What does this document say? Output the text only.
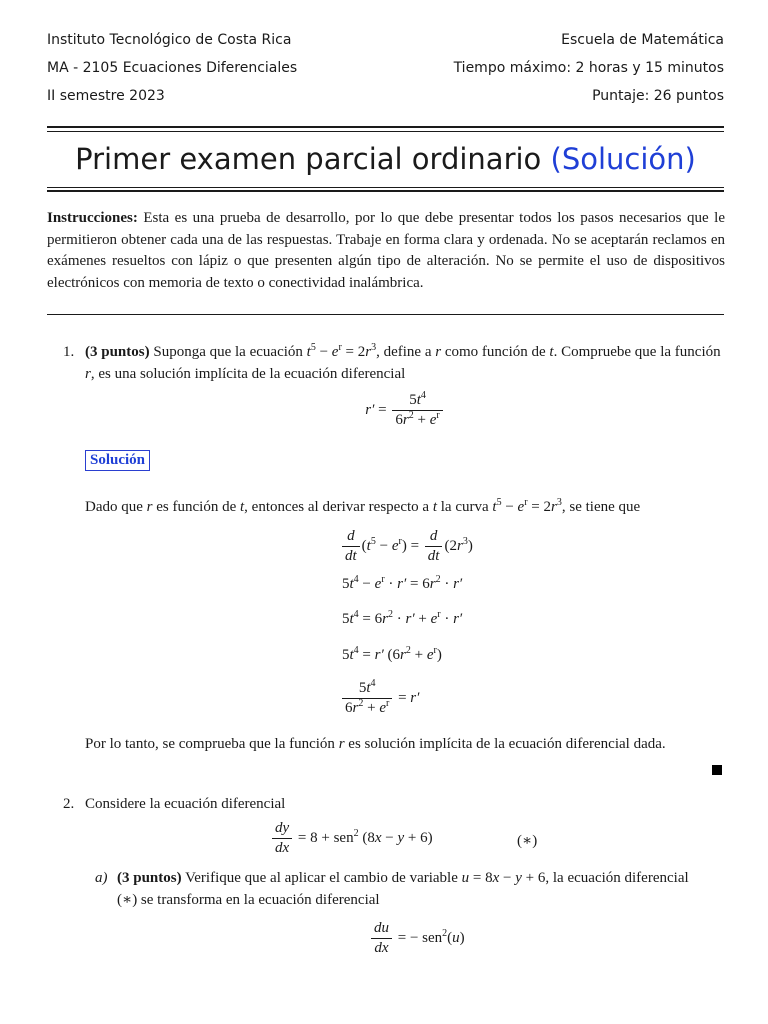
Instituto Tecnológico de Costa Rica
MA - 2105 Ecuaciones Diferenciales
II semestre 2023
Escuela de Matemática
Tiempo máximo: 2 horas y 15 minutos
Puntaje: 26 puntos
Primer examen parcial ordinario (Solución)
Instrucciones: Esta es una prueba de desarrollo, por lo que debe presentar todos los pasos necesarios que le permitieron obtener cada una de las respuestas. Trabaje en forma clara y ordenada. No se aceptarán reclamos en exámenes resueltos con lápiz o que presenten algún tipo de alteración. No se permite el uso de dispositivos electrónicos con memoria de texto o conectividad inalámbrica.
1. (3 puntos) Suponga que la ecuación $t^5 - e^r = 2r^3$, define a r como función de t. Compruebe que la función r, es una solución implícita de la ecuación diferencial
$r' = \frac{5t^4}{6r^2 + e^r}$
Solución
Dado que r es función de t, entonces al derivar respecto a t la curva $t^5 - e^r = 2r^3$, se tiene que
$\frac{d}{dt} (t^5 - e^r) = \frac{d}{dt} (2r^3)$
$5t^4 - e^r \cdot r' = 6r^2 \cdot r'$
$5t^4 = 6r^2 \cdot r' + e^r \cdot r'$
$5t^4 = r'$ $(6r^2 + e^r)$
$\frac{5t^4}{6r^2 + e^r} = r'$
Por lo tanto, se comprueba que la función r es solución implícita de la ecuación diferencial dada.
2. Considere la ecuación diferencial
$\frac{dy}{dx} = 8 + sen^2$ (8x − y + 6)	(∗)
a) (3 puntos) Verifique que al aplicar el cambio de variable u = 8x − y + 6, la ecuación diferencial
(∗) se transforma en la ecuación diferencial
$\frac{du}{dx}$ = − sen$^2$(u)
